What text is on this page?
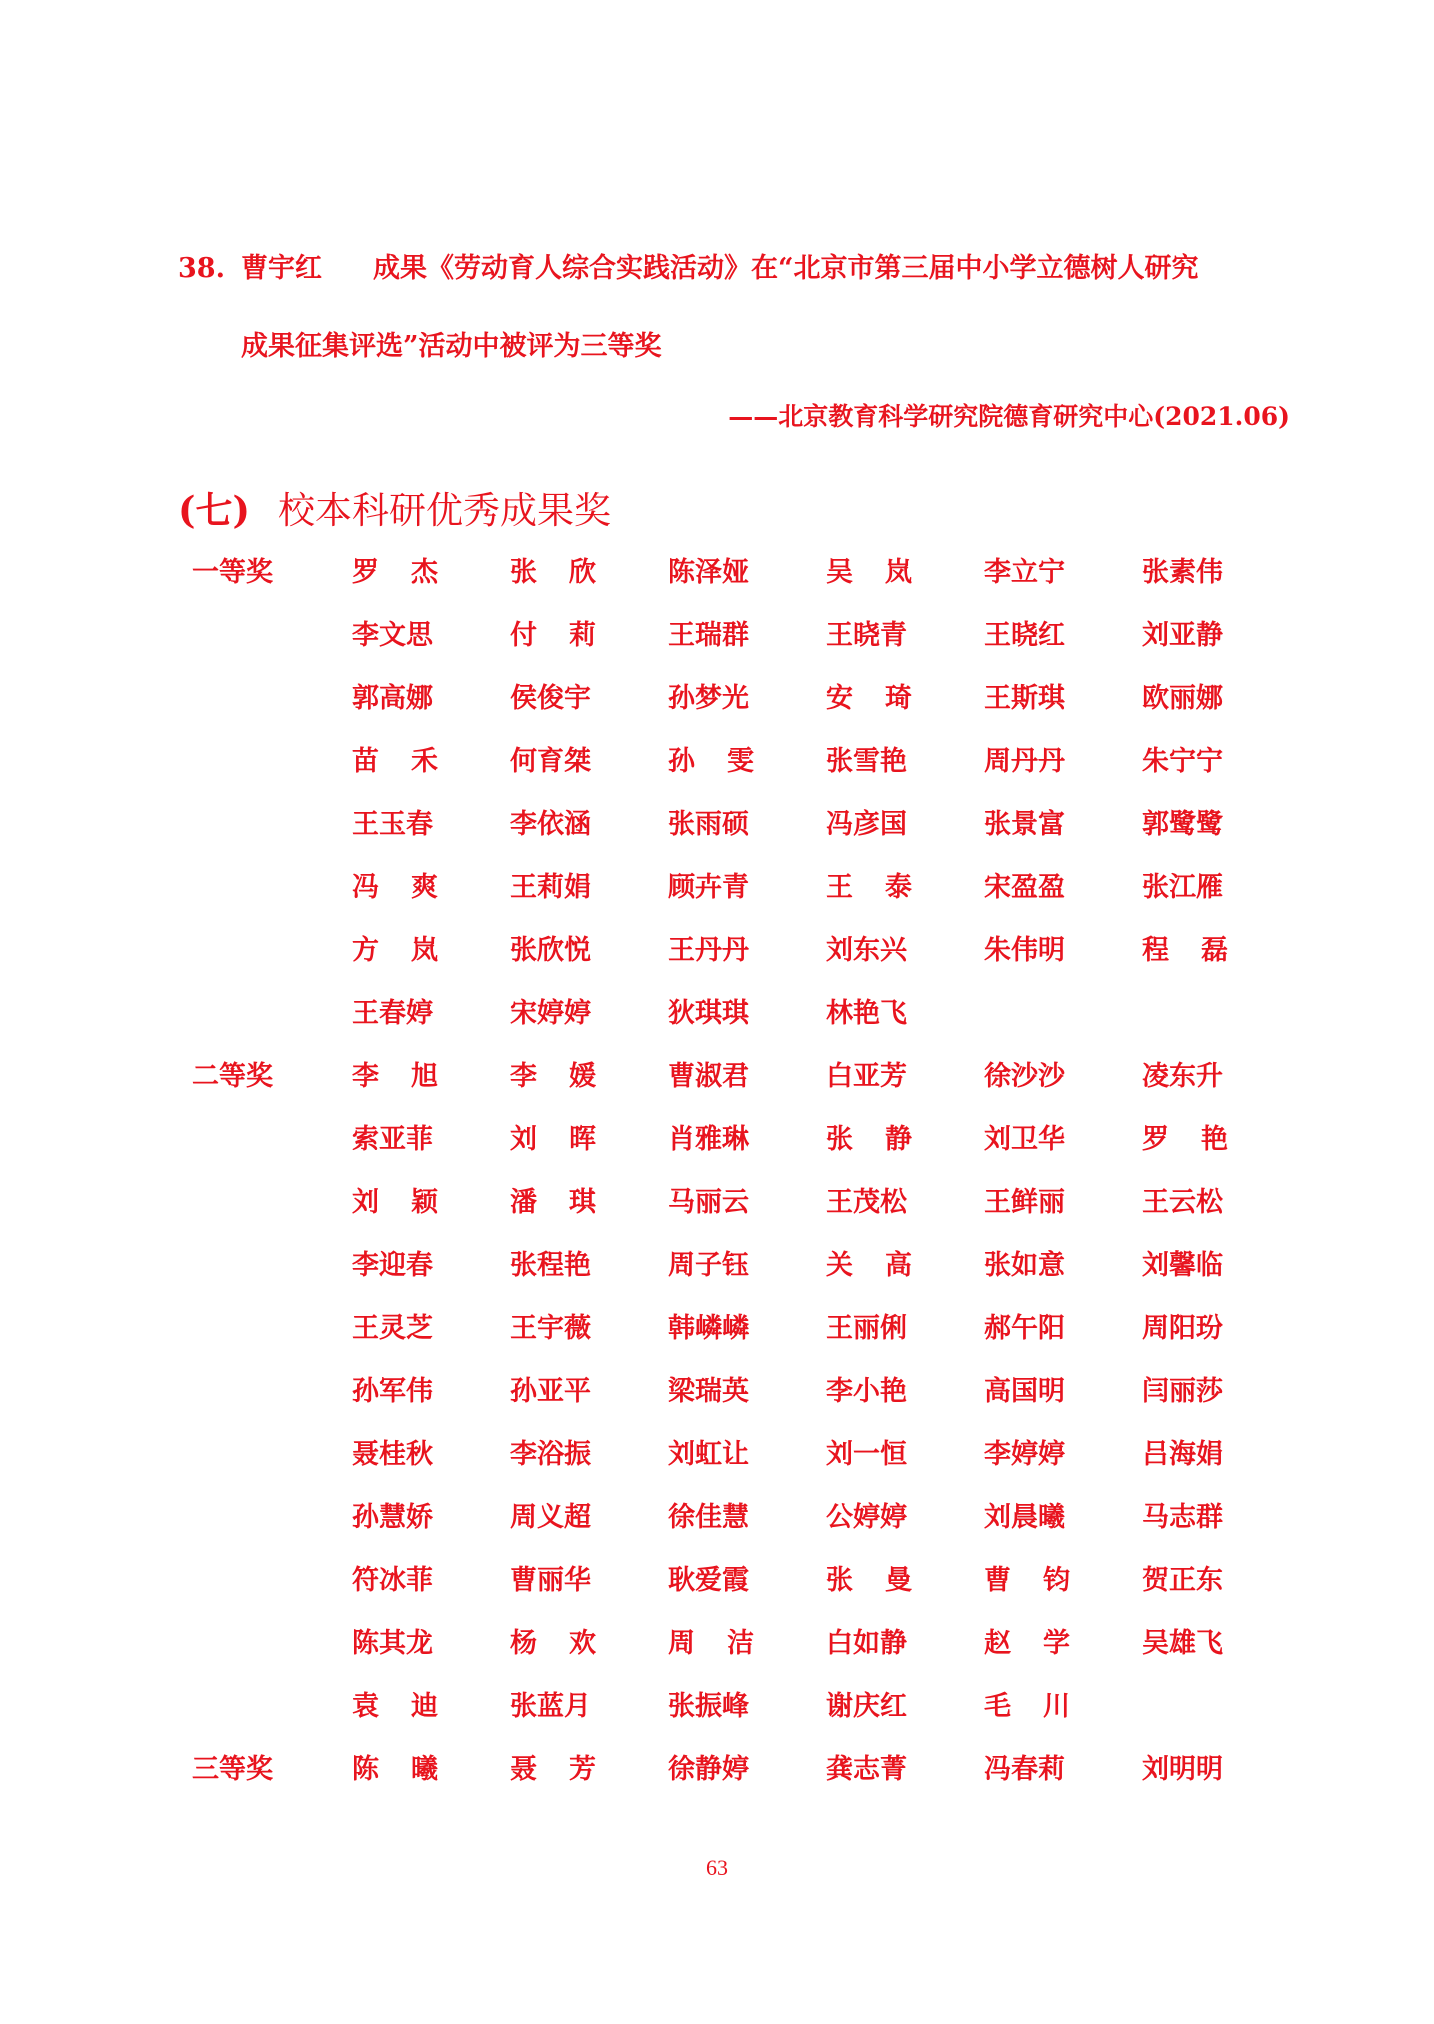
38. 曹宇红 成果《劳动育人综合实践活动》在“北京市第三届中小学立德树人研究
成果征集评选”活动中被评为三等奖
——北京教育科学研究院德育研究中心(2021.06)
(七) 校本科研优秀成果奖
一等奖	罗杰	张欣	陈泽娅	吴岚	李立宁	张素伟
李文思	付莉	王瑞群	王晓青	王晓红	刘亚静
郭高娜	侯俊宇	孙梦光	安琦	王斯琪	欧丽娜
苗禾	何育桀	孙雯	张雪艳	周丹丹	朱宁宁
王玉春	李依涵	张雨硕	冯彦国	张景富	郭鹭鹭
冯爽	王莉娟	顾卉青	王泰	宋盈盈	张江雁
方岚	张欣悦	王丹丹	刘东兴	朱伟明	程磊
王春婷	宋婷婷	狄琪琪	林艳飞
二等奖	李旭	李媛	曹淑君	白亚芳	徐沙沙	凌东升
索亚菲	刘晖	肖雅琳	张静	刘卫华	罗艳
刘颖	潘琪	马丽云	王茂松	王鲜丽	王云松
李迎春	张程艳	周子钰	关高	张如意	刘馨临
王灵芝	王宇薇	韩嶙嶙	王丽俐	郝午阳	周阳玢
孙军伟	孙亚平	梁瑞英	李小艳	高国明	闫丽莎
聂桂秋	李浴振	刘虹让	刘一恒	李婷婷	吕海娟
孙慧娇	周义超	徐佳慧	公婷婷	刘晨曦	马志群
符冰菲	曹丽华	耿爱霞	张曼	曹钧	贺正东
陈其龙	杨欢	周洁	白如静	赵学	吴雄飞
袁迪	张蓝月	张振峰	谢庆红	毛川
三等奖	陈曦	聂芳	徐静婷	龚志菁	冯春莉	刘明明
63
